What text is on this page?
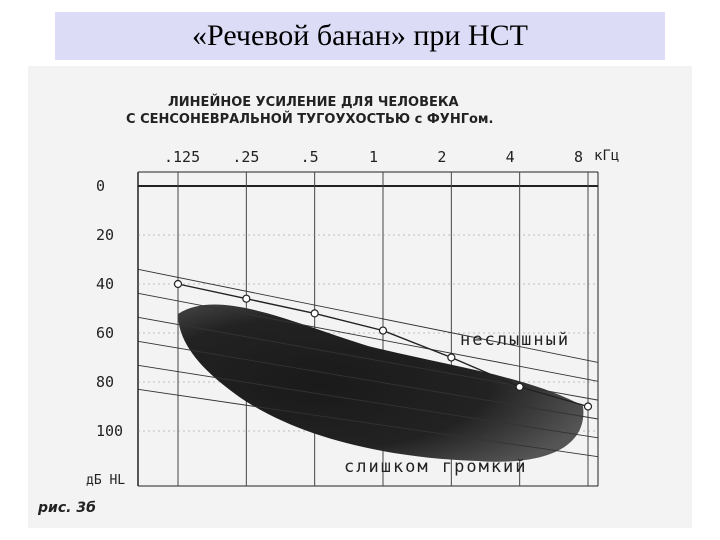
«Речевой банан» при НСТ
ЛИНЕЙНОЕ УСИЛЕНИЕ ДЛЯ ЧЕЛОВЕКА
С СЕНСОНЕВРАЛЬНОЙ ТУГОУХОСТЬЮ с ФУНГом.
.125 .25	.5	1	2	4	8
0
20
40
60
80
100
кГц
дБ НL
неслышный
слишком громкий
рис. 3б
